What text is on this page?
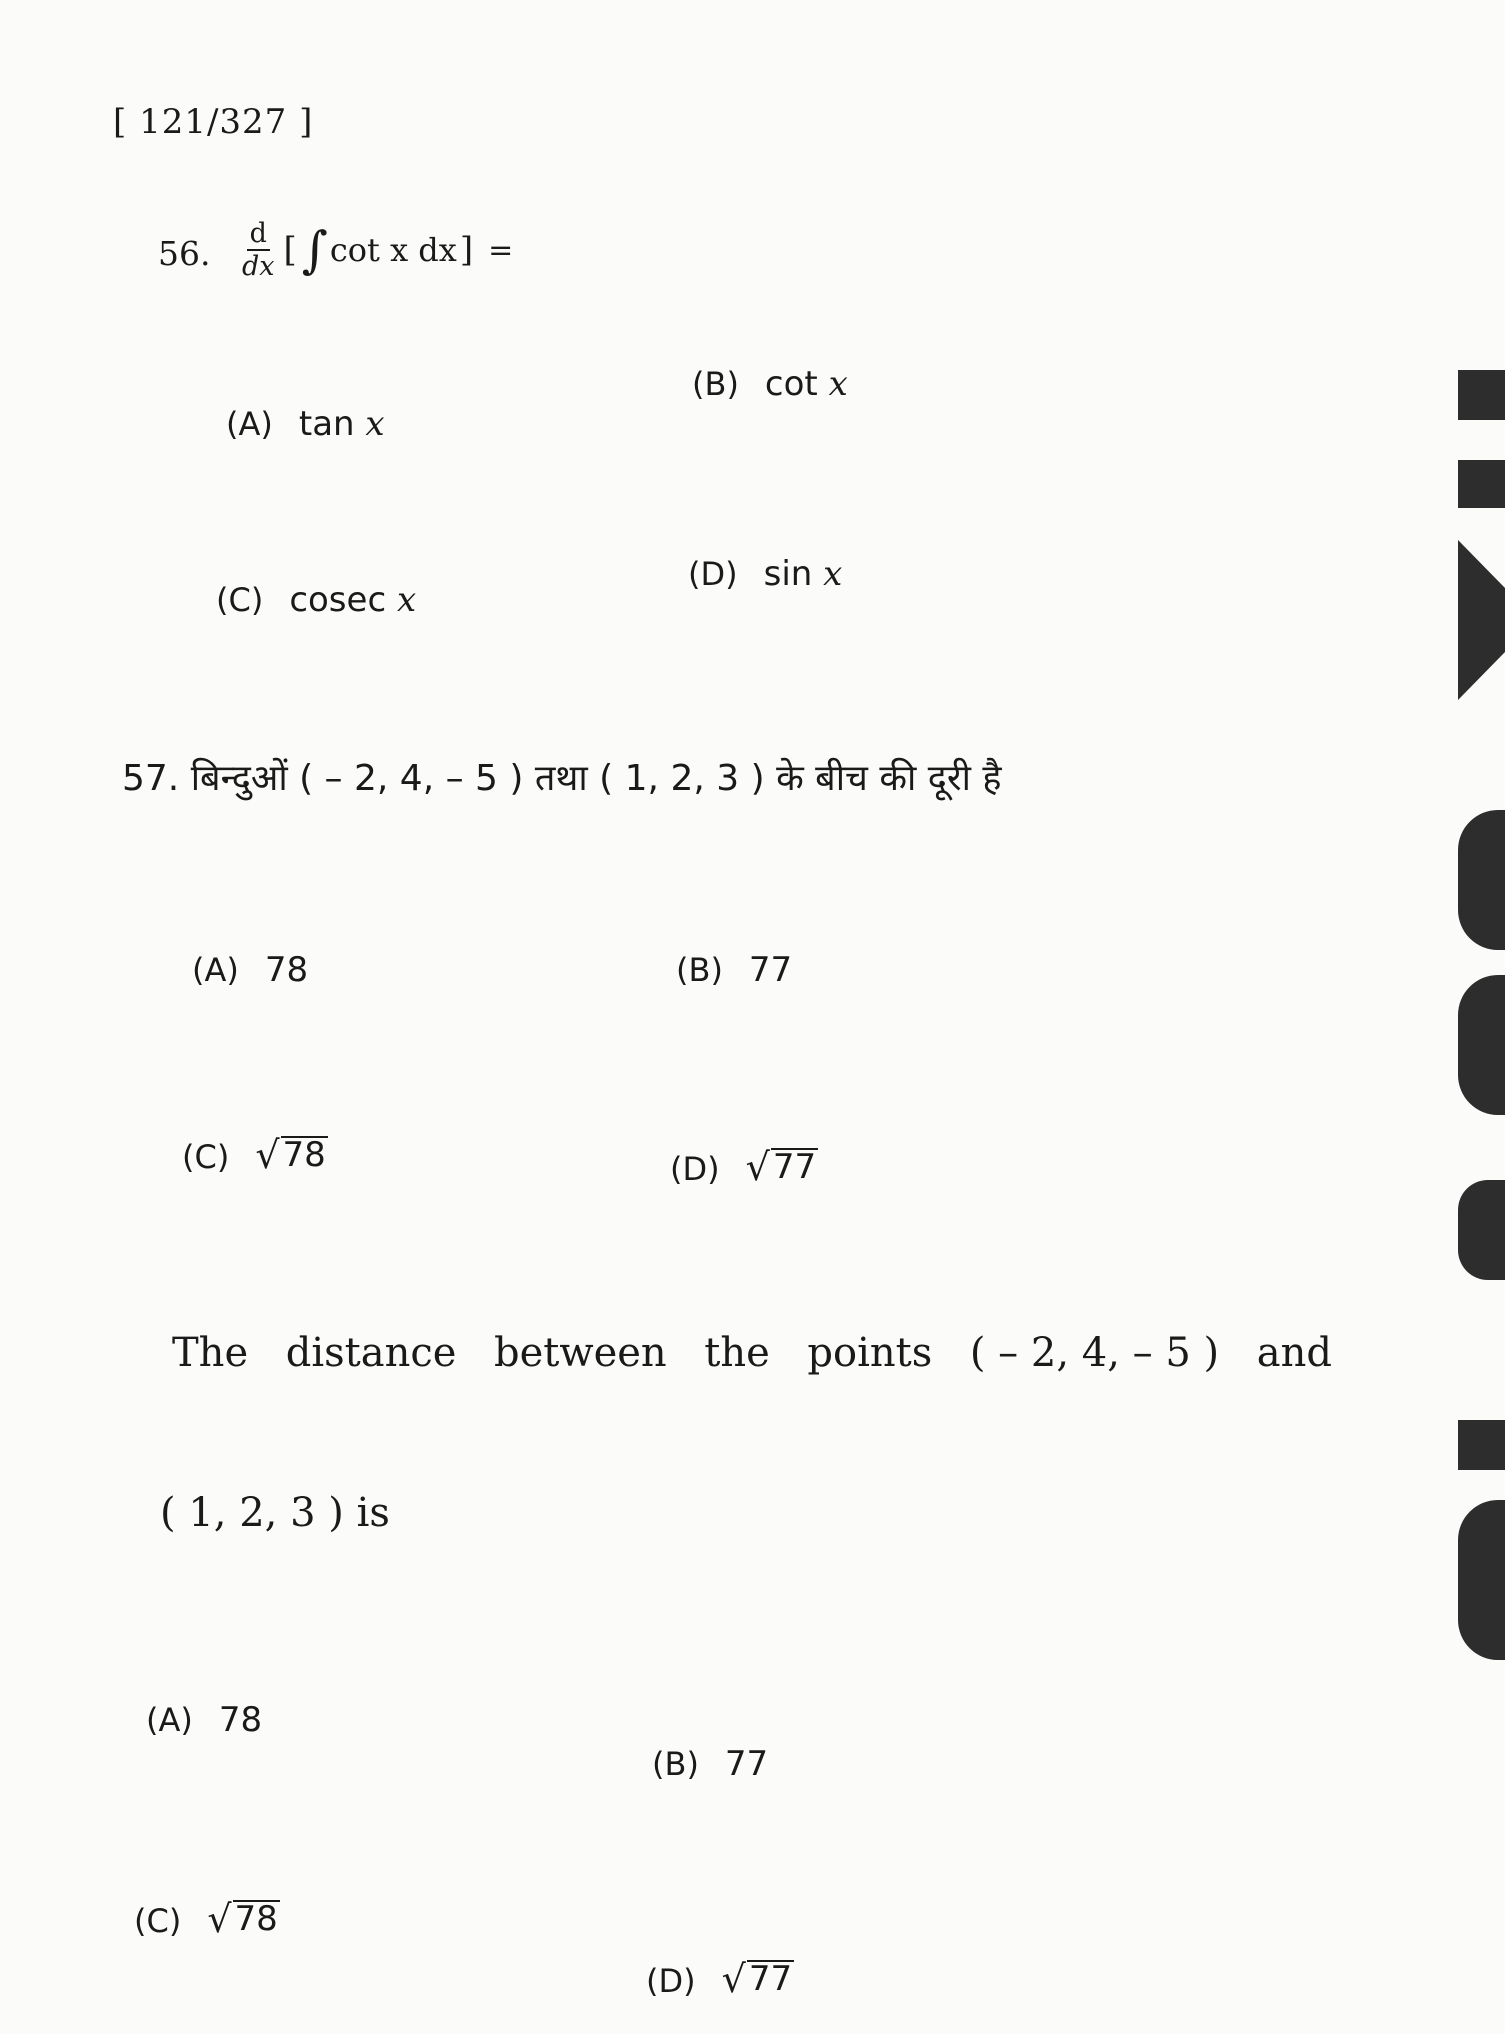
[ 121/327 ]
56. $\frac{d}{dx}$ [ ∫ cot x dx ] =
(A) tan x
(B) cot x
(C) cosec x
(D) sin x
57. बिन्दुओं ( – 2, 4, – 5 ) तथा ( 1, 2, 3 ) के बीच की दूरी है
(A) 78	(B) 77
(C) √ 78	(D) √ 77
The distance between the points ( – 2, 4, – 5 ) and
( 1, 2, 3 ) is
(A) 78
(B) 77
(C) √ 78
(D) √ 77
